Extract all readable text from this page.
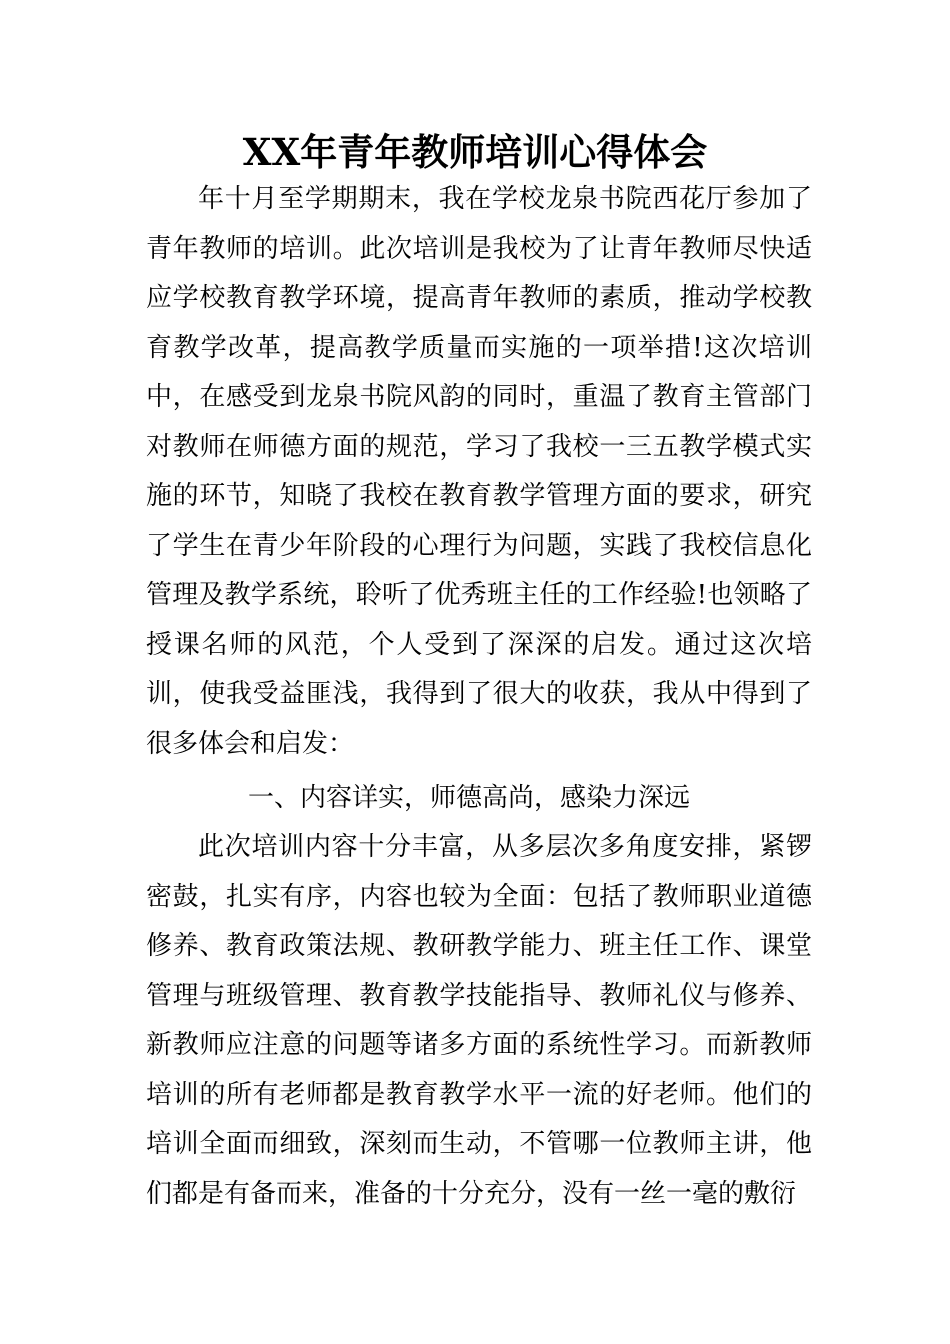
XX年青年教师培训心得体会

年十月至学期期末，我在学校龙泉书院西花厅参加了青年教师的培训。此次培训是我校为了让青年教师尽快适应学校教育教学环境，提高青年教师的素质，推动学校教育教学改革，提高教学质量而实施的一项举措!这次培训中，在感受到龙泉书院风韵的同时，重温了教育主管部门对教师在师德方面的规范，学习了我校一三五教学模式实施的环节，知晓了我校在教育教学管理方面的要求，研究了学生在青少年阶段的心理行为问题，实践了我校信息化管理及教学系统，聆听了优秀班主任的工作经验!也领略了授课名师的风范，个人受到了深深的启发。通过这次培训，使我受益匪浅，我得到了很大的收获，我从中得到了很多体会和启发：

一、内容详实，师德高尚，感染力深远

此次培训内容十分丰富，从多层次多角度安排，紧锣密鼓，扎实有序，内容也较为全面：包括了教师职业道德修养、教育政策法规、教研教学能力、班主任工作、课堂管理与班级管理、教育教学技能指导、教师礼仪与修养、新教师应注意的问题等诸多方面的系统性学习。而新教师培训的所有老师都是教育教学水平一流的好老师。他们的培训全面而细致，深刻而生动，不管哪一位教师主讲，他们都是有备而来，准备的十分充分，没有一丝一毫的敷衍
